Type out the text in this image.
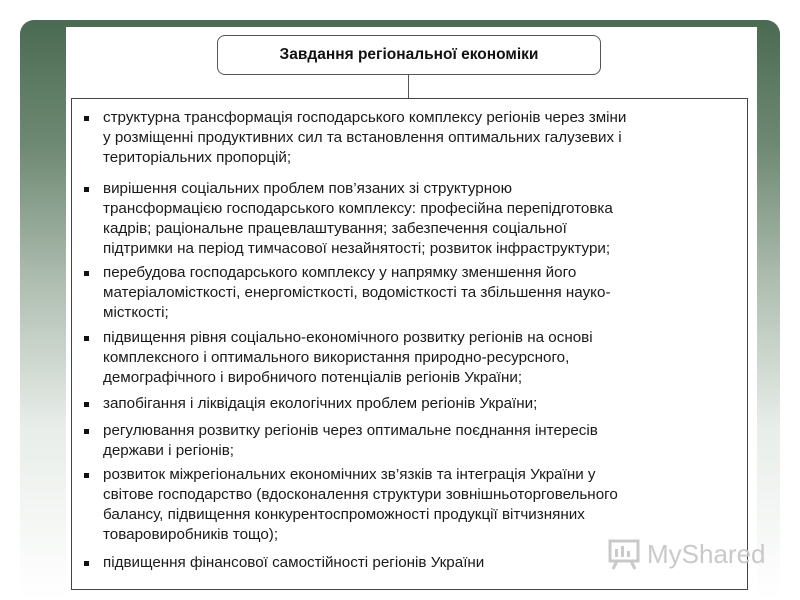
Завдання регіональної економіки
структурна трансформація господарського комплексу регіонів через зміни
у розміщенні продуктивних сил та встановлення оптимальних галузевих і
територіальних пропорцій;
вирішення соціальних проблем пов’язаних зі структурною
трансформацією господарського комплексу: професійна перепідготовка
кадрів; раціональне працевлаштування; забезпечення соціальної
підтримки на період тимчасової незайнятості; розвиток інфраструктури;
перебудова господарського комплексу у напрямку зменшення його
матеріаломісткості, енергомісткості, водомісткості та збільшення науко-
місткості;
підвищення рівня соціально-економічного розвитку регіонів на основі
комплексного і оптимального використання природно-ресурсного,
демографічного і виробничого потенціалів регіонів України;
запобігання і ліквідація екологічних проблем регіонів України;
регулювання розвитку регіонів через оптимальне поєднання інтересів
держави і регіонів;
розвиток міжрегіональних економічних зв’язків та інтеграція України у
світове господарство (вдосконалення структури зовнішньоторговельного
балансу, підвищення конкурентоспроможності продукції вітчизняних
товаровиробників тощо);
підвищення фінансової самостійності регіонів України	MyShared
